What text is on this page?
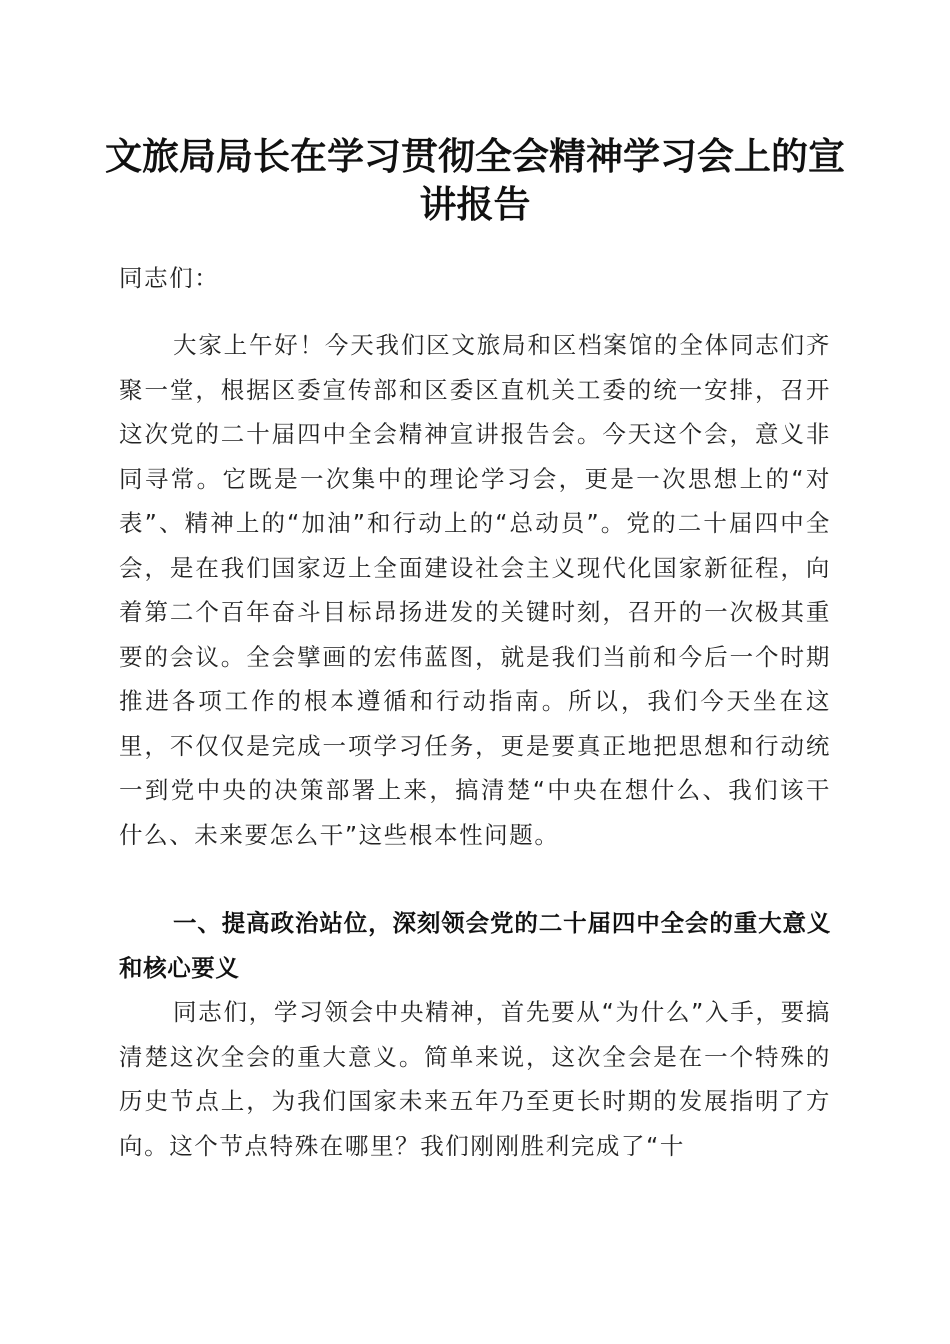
文旅局局长在学习贯彻全会精神学习会上的宣讲报告

同志们：

大家上午好！今天我们区文旅局和区档案馆的全体同志们齐聚一堂，根据区委宣传部和区委区直机关工委的统一安排，召开这次党的二十届四中全会精神宣讲报告会。今天这个会，意义非同寻常。它既是一次集中的理论学习会，更是一次思想上的“对表”、精神上的“加油”和行动上的“总动员”。党的二十届四中全会，是在我们国家迈上全面建设社会主义现代化国家新征程，向着第二个百年奋斗目标昂扬进发的关键时刻，召开的一次极其重要的会议。全会擘画的宏伟蓝图，就是我们当前和今后一个时期推进各项工作的根本遵循和行动指南。所以，我们今天坐在这里，不仅仅是完成一项学习任务，更是要真正地把思想和行动统一到党中央的决策部署上来，搞清楚“中央在想什么、我们该干什么、未来要怎么干”这些根本性问题。

一、提高政治站位，深刻领会党的二十届四中全会的重大意义和核心要义

同志们，学习领会中央精神，首先要从“为什么”入手，要搞清楚这次全会的重大意义。简单来说，这次全会是在一个特殊的历史节点上，为我们国家未来五年乃至更长时期的发展指明了方向。这个节点特殊在哪里？我们刚刚胜利完成了“十
